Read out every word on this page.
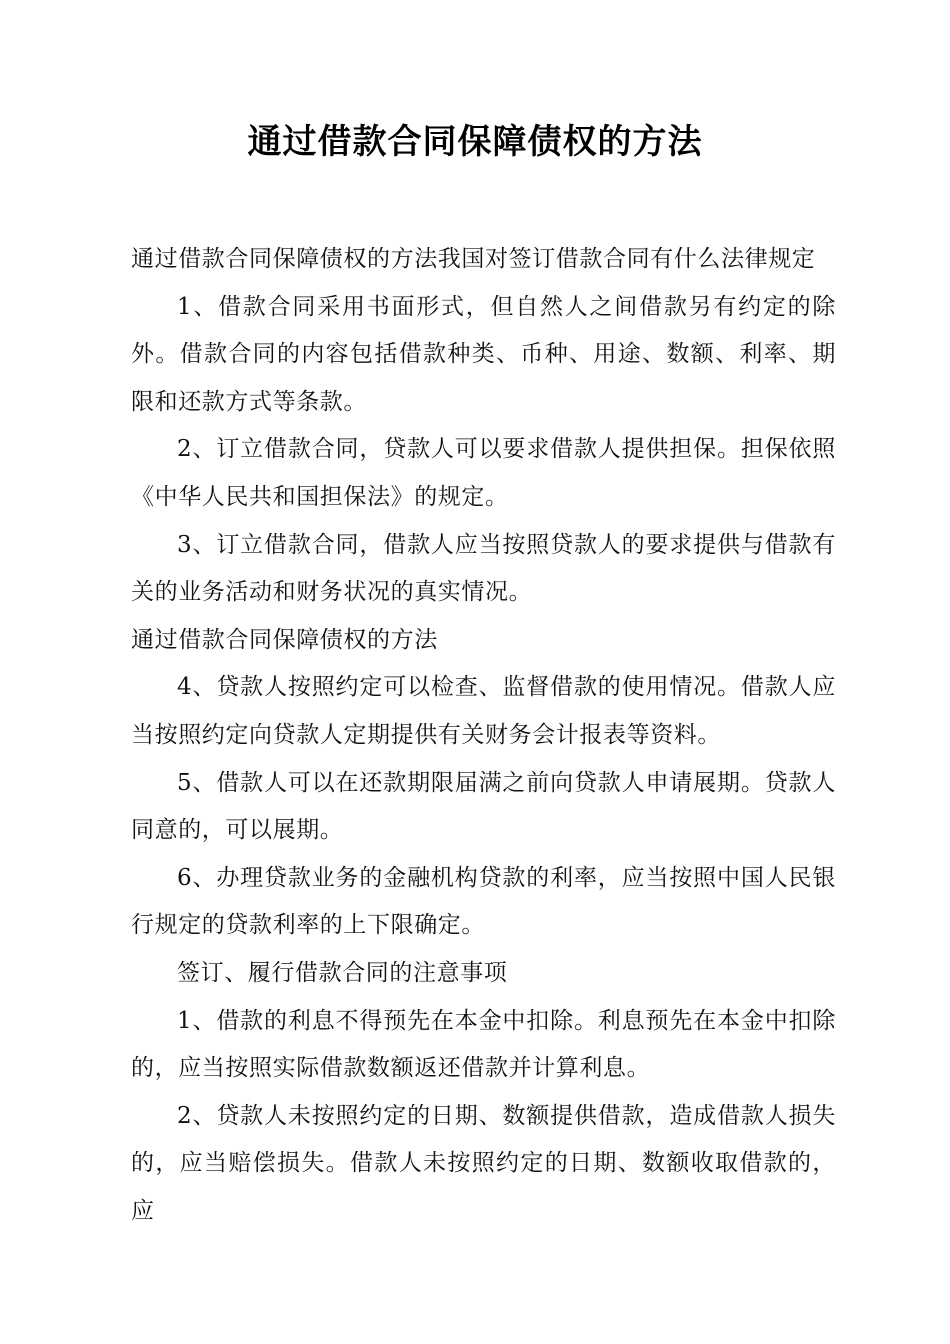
通过借款合同保障债权的方法

通过借款合同保障债权的方法我国对签订借款合同有什么法律规定

1、借款合同采用书面形式，但自然人之间借款另有约定的除外。借款合同的内容包括借款种类、币种、用途、数额、利率、期限和还款方式等条款。

2、订立借款合同，贷款人可以要求借款人提供担保。担保依照《中华人民共和国担保法》的规定。

3、订立借款合同，借款人应当按照贷款人的要求提供与借款有关的业务活动和财务状况的真实情况。

通过借款合同保障债权的方法

4、贷款人按照约定可以检查、监督借款的使用情况。借款人应当按照约定向贷款人定期提供有关财务会计报表等资料。

5、借款人可以在还款期限届满之前向贷款人申请展期。贷款人同意的，可以展期。

6、办理贷款业务的金融机构贷款的利率，应当按照中国人民银行规定的贷款利率的上下限确定。

签订、履行借款合同的注意事项

1、借款的利息不得预先在本金中扣除。利息预先在本金中扣除的，应当按照实际借款数额返还借款并计算利息。

2、贷款人未按照约定的日期、数额提供借款，造成借款人损失的，应当赔偿损失。借款人未按照约定的日期、数额收取借款的，应
